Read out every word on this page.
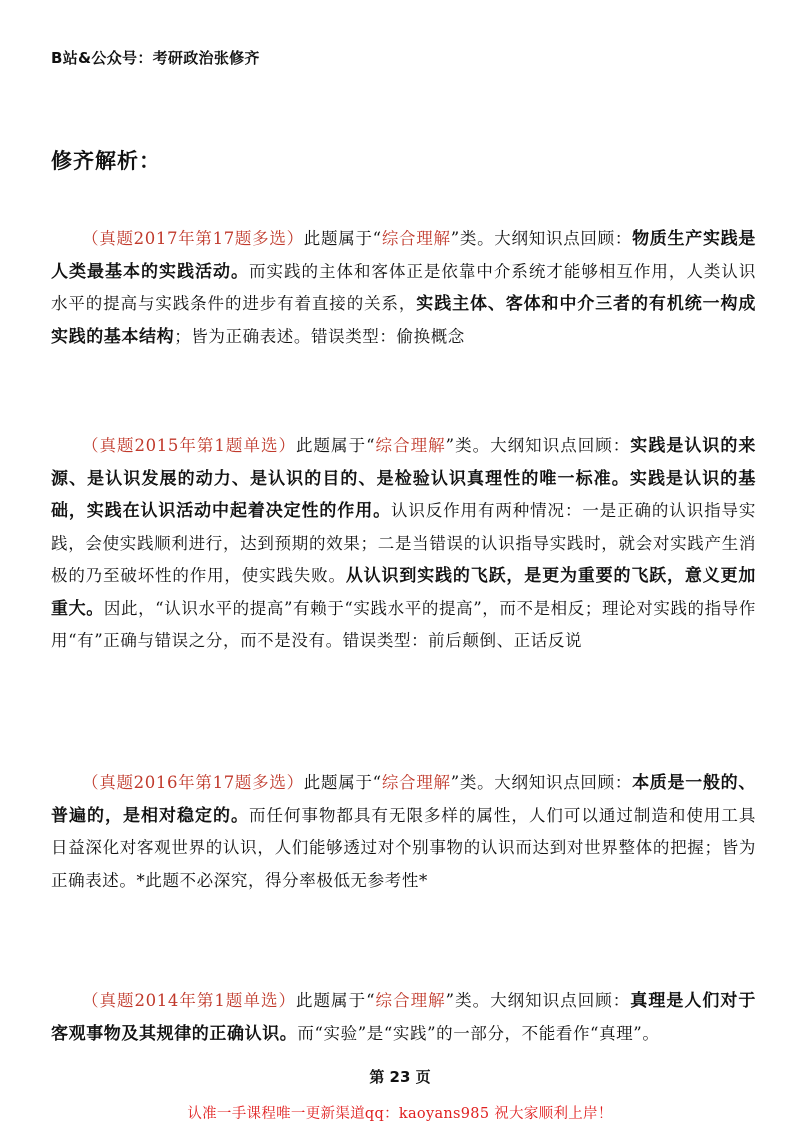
B站&公众号：考研政治张修齐
修齐解析：

（真题2017年第17题多选）此题属于“综合理解”类。大纲知识点回顾：物质生产实践是人类最基本的实践活动。而实践的主体和客体正是依靠中介系统才能够相互作用，人类认识水平的提高与实践条件的进步有着直接的关系，实践主体、客体和中介三者的有机统一构成实践的基本结构；皆为正确表述。错误类型：偷换概念

（真题2015年第1题单选）此题属于“综合理解”类。大纲知识点回顾：实践是认识的来源、是认识发展的动力、是认识的目的、是检验认识真理性的唯一标准。实践是认识的基础，实践在认识活动中起着决定性的作用。认识反作用有两种情况：一是正确的认识指导实践，会使实践顺利进行，达到预期的效果；二是当错误的认识指导实践时，就会对实践产生消极的乃至破坏性的作用，使实践失败。从认识到实践的飞跃，是更为重要的飞跃，意义更加重大。因此，“认识水平的提高”有赖于“实践水平的提高”，而不是相反；理论对实践的指导作用“有”正确与错误之分，而不是没有。错误类型：前后颠倒、正话反说

（真题2016年第17题多选）此题属于“综合理解”类。大纲知识点回顾：本质是一般的、普遍的，是相对稳定的。而任何事物都具有无限多样的属性，人们可以通过制造和使用工具日益深化对客观世界的认识，人们能够透过对个别事物的认识而达到对世界整体的把握；皆为正确表述。*此题不必深究，得分率极低无参考性*

（真题2014年第1题单选）此题属于“综合理解”类。大纲知识点回顾：真理是人们对于客观事物及其规律的正确认识。而“实验”是“实践”的一部分，不能看作“真理”。

第 23 页
认准一手课程唯一更新渠道qq：kaoyans985 祝大家顺利上岸！
